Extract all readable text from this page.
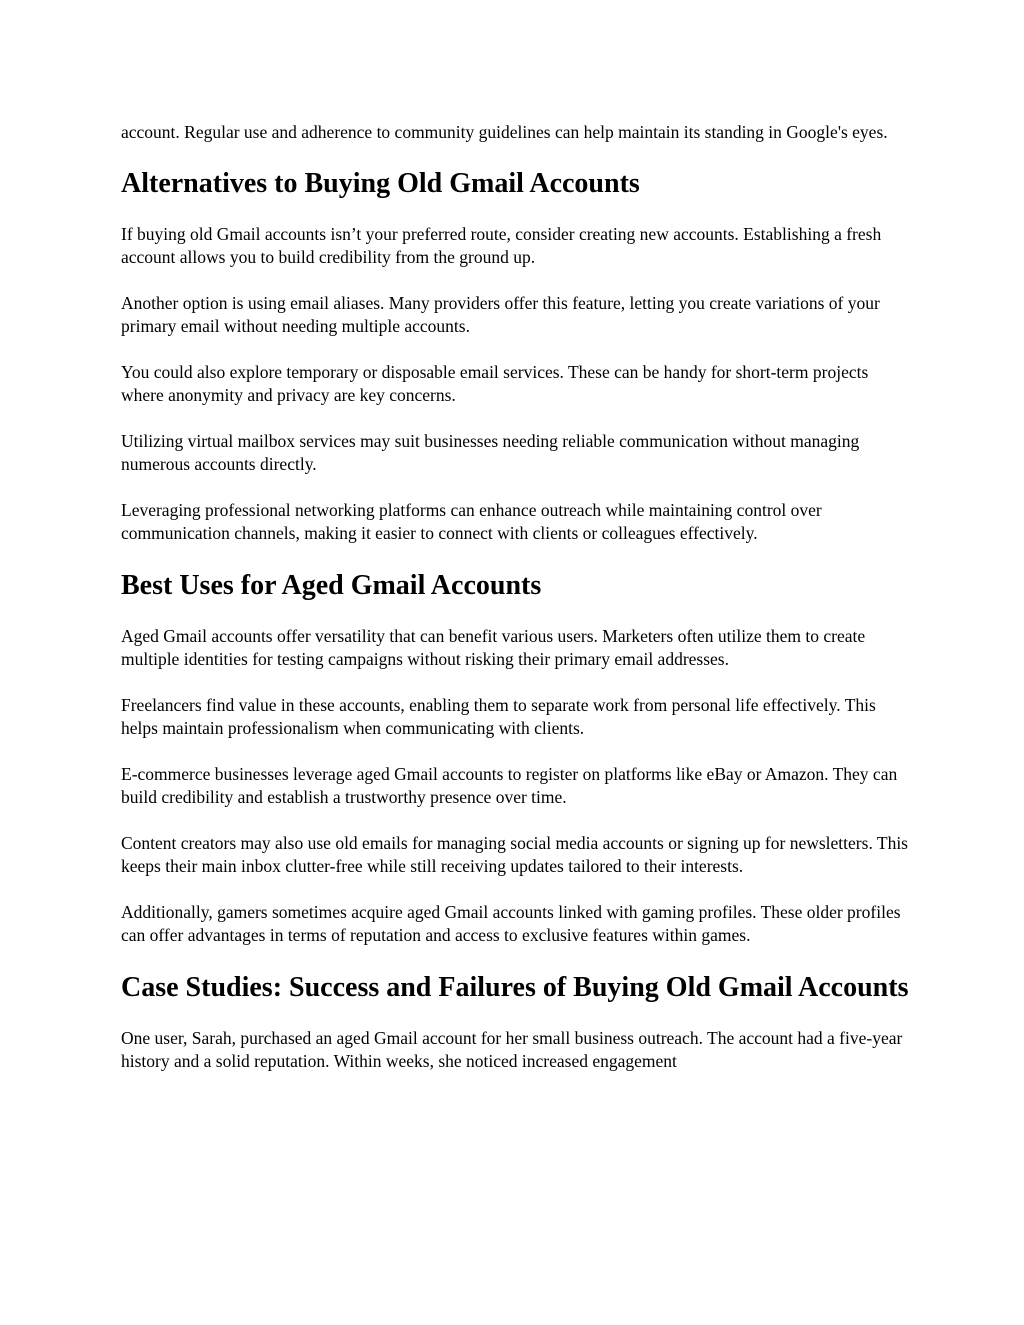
account. Regular use and adherence to community guidelines can help maintain its standing in Google's eyes.

Alternatives to Buying Old Gmail Accounts

If buying old Gmail accounts isn’t your preferred route, consider creating new accounts. Establishing a fresh account allows you to build credibility from the ground up.

Another option is using email aliases. Many providers offer this feature, letting you create variations of your primary email without needing multiple accounts.

You could also explore temporary or disposable email services. These can be handy for short-term projects where anonymity and privacy are key concerns.

Utilizing virtual mailbox services may suit businesses needing reliable communication without managing numerous accounts directly.

Leveraging professional networking platforms can enhance outreach while maintaining control over communication channels, making it easier to connect with clients or colleagues effectively.

Best Uses for Aged Gmail Accounts

Aged Gmail accounts offer versatility that can benefit various users. Marketers often utilize them to create multiple identities for testing campaigns without risking their primary email addresses.

Freelancers find value in these accounts, enabling them to separate work from personal life effectively. This helps maintain professionalism when communicating with clients.

E-commerce businesses leverage aged Gmail accounts to register on platforms like eBay or Amazon. They can build credibility and establish a trustworthy presence over time.

Content creators may also use old emails for managing social media accounts or signing up for newsletters. This keeps their main inbox clutter-free while still receiving updates tailored to their interests.

Additionally, gamers sometimes acquire aged Gmail accounts linked with gaming profiles. These older profiles can offer advantages in terms of reputation and access to exclusive features within games.

Case Studies: Success and Failures of Buying Old Gmail Accounts

One user, Sarah, purchased an aged Gmail account for her small business outreach. The account had a five-year history and a solid reputation. Within weeks, she noticed increased engagement
